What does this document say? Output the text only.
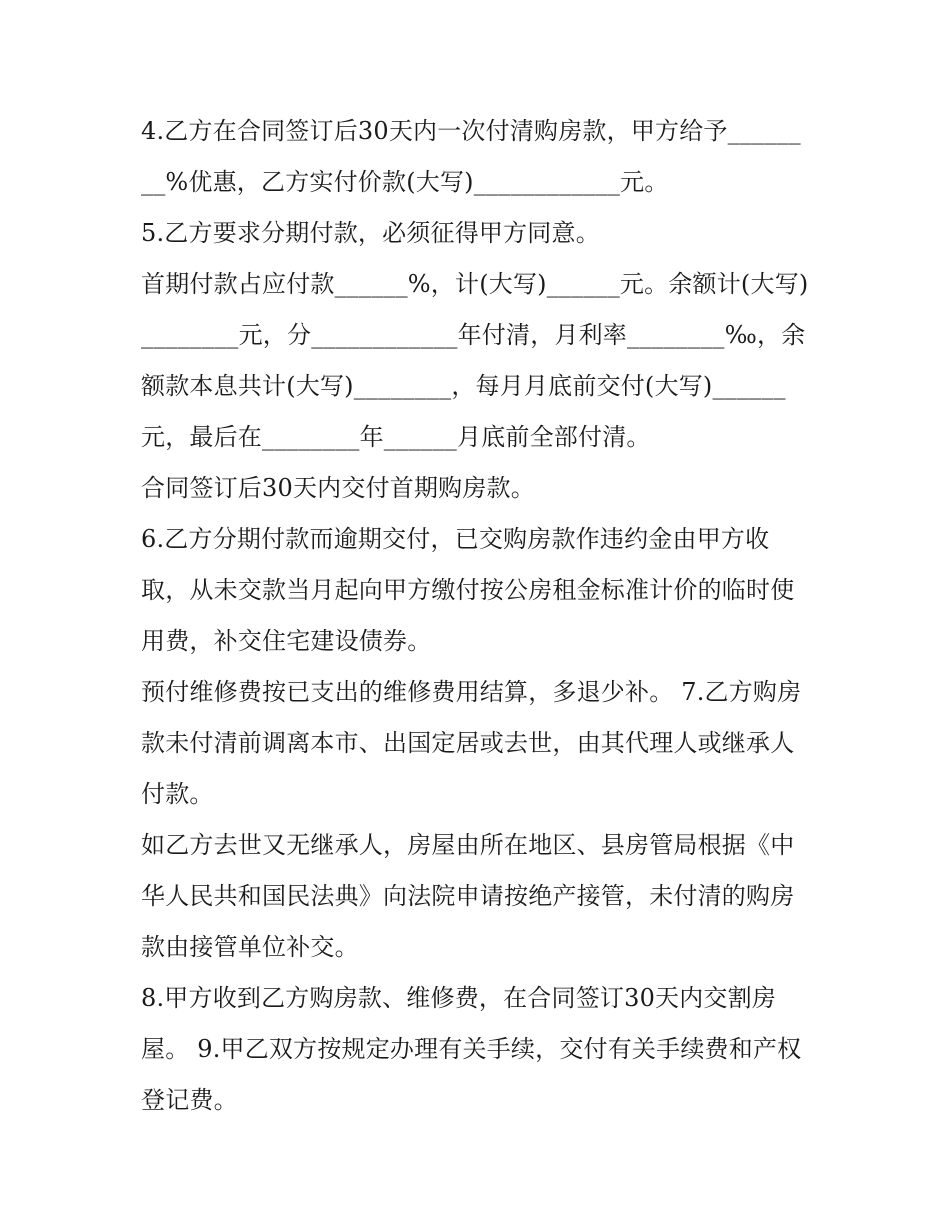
4.乙方在合同签订后30天内一次付清购房款，甲方给予________%优惠，乙方实付价款(大写)____________元。

5.乙方要求分期付款，必须征得甲方同意。

首期付款占应付款______%，计(大写)______元。余额计(大写)________元，分____________年付清，月利率________‰，余额款本息共计(大写)________，每月月底前交付(大写)______元，最后在________年______月底前全部付清。

合同签订后30天内交付首期购房款。

6.乙方分期付款而逾期交付，已交购房款作违约金由甲方收取，从未交款当月起向甲方缴付按公房租金标准计价的临时使用费，补交住宅建设债券。

预付维修费按已支出的维修费用结算，多退少补。 7.乙方购房款未付清前调离本市、出国定居或去世，由其代理人或继承人付款。

如乙方去世又无继承人，房屋由所在地区、县房管局根据《中华人民共和国民法典》向法院申请按绝产接管，未付清的购房款由接管单位补交。

8.甲方收到乙方购房款、维修费，在合同签订30天内交割房屋。 9.甲乙双方按规定办理有关手续，交付有关手续费和产权登记费。
